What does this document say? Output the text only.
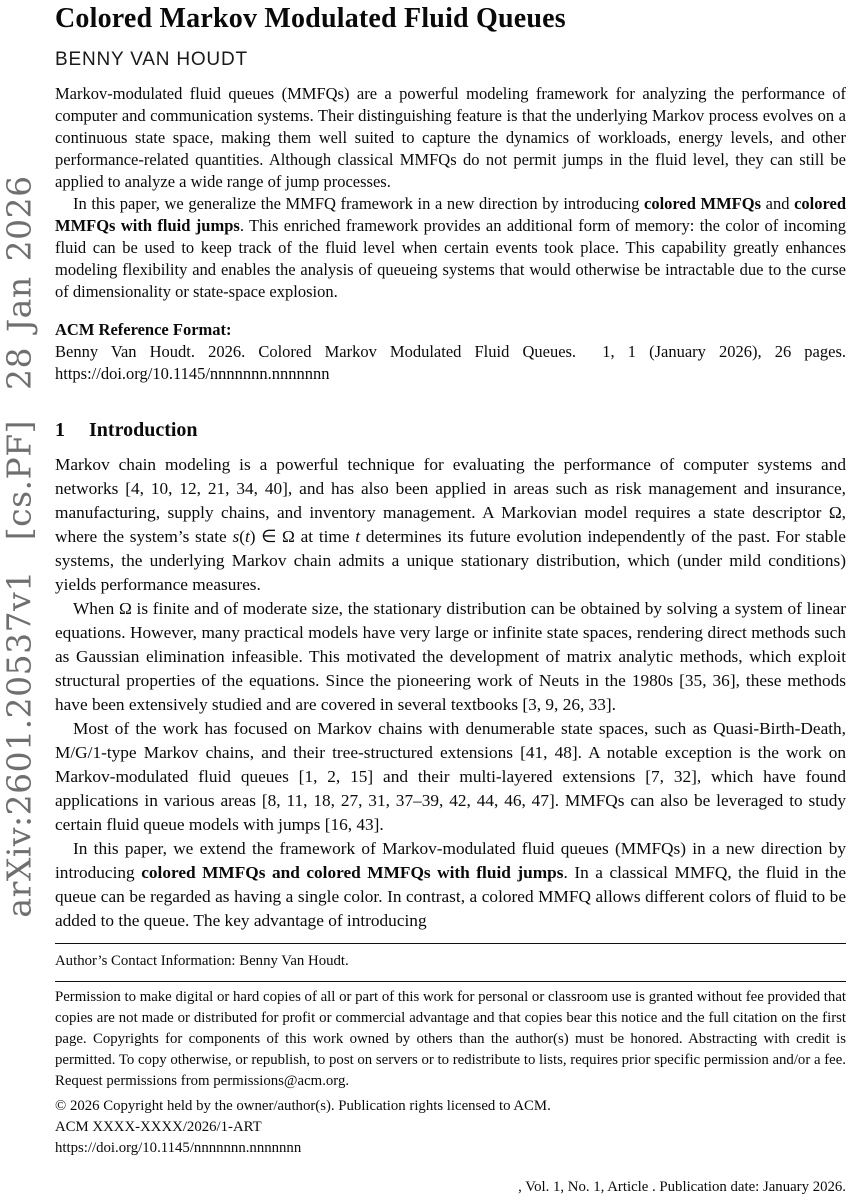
arXiv:2601.20537v1  [cs.PF]  28 Jan 2026
Colored Markov Modulated Fluid Queues
BENNY VAN HOUDT

Markov-modulated fluid queues (MMFQs) are a powerful modeling framework for analyzing the performance of computer and communication systems. Their distinguishing feature is that the underlying Markov process evolves on a continuous state space, making them well suited to capture the dynamics of workloads, energy levels, and other performance-related quantities. Although classical MMFQs do not permit jumps in the fluid level, they can still be applied to analyze a wide range of jump processes.

In this paper, we generalize the MMFQ framework in a new direction by introducing colored MMFQs and colored MMFQs with fluid jumps. This enriched framework provides an additional form of memory: the color of incoming fluid can be used to keep track of the fluid level when certain events took place. This capability greatly enhances modeling flexibility and enables the analysis of queueing systems that would otherwise be intractable due to the curse of dimensionality or state-space explosion.

ACM Reference Format:

Benny Van Houdt. 2026. Colored Markov Modulated Fluid Queues.  1, 1 (January 2026), 26 pages. https://doi.org/10.1145/nnnnnnn.nnnnnnn

1 Introduction

Markov chain modeling is a powerful technique for evaluating the performance of computer systems and networks [4, 10, 12, 21, 34, 40], and has also been applied in areas such as risk management and insurance, manufacturing, supply chains, and inventory management. A Markovian model requires a state descriptor Ω, where the system’s state s(t) ∈ Ω at time t determines its future evolution independently of the past. For stable systems, the underlying Markov chain admits a unique stationary distribution, which (under mild conditions) yields performance measures.

When Ω is finite and of moderate size, the stationary distribution can be obtained by solving a system of linear equations. However, many practical models have very large or infinite state spaces, rendering direct methods such as Gaussian elimination infeasible. This motivated the development of matrix analytic methods, which exploit structural properties of the equations. Since the pioneering work of Neuts in the 1980s [35, 36], these methods have been extensively studied and are covered in several textbooks [3, 9, 26, 33].

Most of the work has focused on Markov chains with denumerable state spaces, such as Quasi-Birth-Death, M/G/1-type Markov chains, and their tree-structured extensions [41, 48]. A notable exception is the work on Markov-modulated fluid queues [1, 2, 15] and their multi-layered extensions [7, 32], which have found applications in various areas [8, 11, 18, 27, 31, 37–39, 42, 44, 46, 47]. MMFQs can also be leveraged to study certain fluid queue models with jumps [16, 43].

In this paper, we extend the framework of Markov-modulated fluid queues (MMFQs) in a new direction by introducing colored MMFQs and colored MMFQs with fluid jumps. In a classical MMFQ, the fluid in the queue can be regarded as having a single color. In contrast, a colored MMFQ allows different colors of fluid to be added to the queue. The key advantage of introducing

Author’s Contact Information: Benny Van Houdt.

Permission to make digital or hard copies of all or part of this work for personal or classroom use is granted without fee provided that copies are not made or distributed for profit or commercial advantage and that copies bear this notice and the full citation on the first page. Copyrights for components of this work owned by others than the author(s) must be honored. Abstracting with credit is permitted. To copy otherwise, or republish, to post on servers or to redistribute to lists, requires prior specific permission and/or a fee. Request permissions from permissions@acm.org.

© 2026 Copyright held by the owner/author(s). Publication rights licensed to ACM.

ACM XXXX-XXXX/2026/1-ART

https://doi.org/10.1145/nnnnnnn.nnnnnnn

, Vol. 1, No. 1, Article . Publication date: January 2026.
